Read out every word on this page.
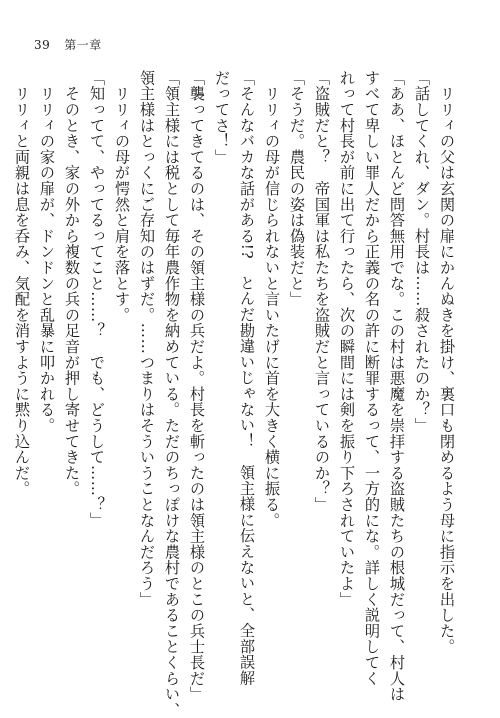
39 第一章

　リリィの父は玄関の扉にかんぬきを掛け、裏口も閉めるよう母に指示を出した。

「話してくれ、ダン。村長は……殺されたのか？」

「ああ、ほとんど問答無用でな。この村は悪魔を崇拝する盗賊たちの根城だって、村人は

すべて卑しい罪人だから正義の名の許に断罪するって、一方的にな。詳しく説明してく

れって村長が前に出て行ったら、次の瞬間には剣を振り下ろされていたよ」

「盗賊だと？　帝国軍は私たちを盗賊だと言っているのか？」

「そうだ。農民の姿は偽装だと」

　リリィの母が信じられないと言いたげに首を大きく横に振る。

「そんなバカな話がある!?　とんだ勘違いじゃない！　領主様に伝えないと、全部誤解

だってさ！」

「襲ってきてるのは、その領主様の兵だよ。村長を斬ったのは領主様のとこの兵士長だ」

「領主様には税として毎年農作物を納めている。ただのちっぽけな農村であることくらい、

領主様はとっくにご存知のはずだ。……つまりはそういうことなんだろう」

　リリィの母が愕然と肩を落とす。

「知ってて、やってるってこと……？　でも、どうして……？」

　そのとき、家の外から複数の兵の足音が押し寄せてきた。

　リリィの家の扉が、ドンドンと乱暴に叩かれる。

　リリィと両親は息を呑み、気配を消すように黙り込んだ。
